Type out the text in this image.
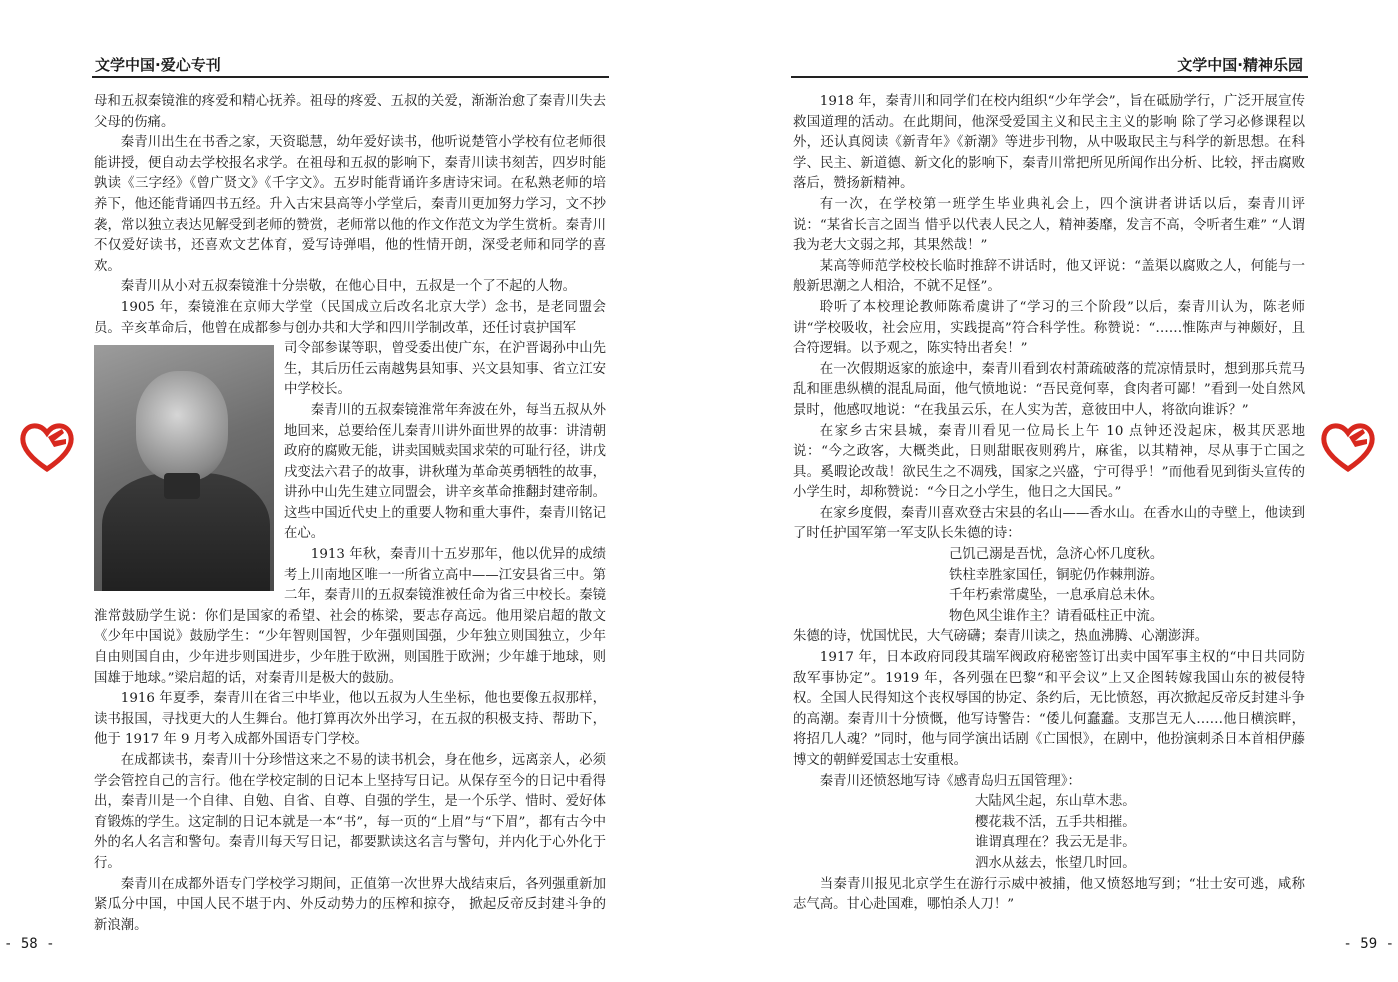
文学中国·爱心专刊

母和五叔秦镜淮的疼爱和精心抚养。祖母的疼爱、五叔的关爱，渐渐治愈了秦青川失去父母的伤痛。

秦青川出生在书香之家，天资聪慧，幼年爱好读书，他听说楚管小学校有位老师很能讲授，便自动去学校报名求学。在祖母和五叔的影响下，秦青川读书刻苦，四岁时能孰读《三字经》《曾广贤文》《千字文》。五岁时能背诵许多唐诗宋词。在私熟老师的培养下，他还能背诵四书五经。升入古宋县高等小学堂后，秦青川更加努力学习，文不抄袭，常以独立表达见解受到老师的赞赏，老师常以他的作文作范文为学生赏析。秦青川不仅爱好读书，还喜欢文艺体育，爱写诗弹唱，他的性情开朗，深受老师和同学的喜欢。

秦青川从小对五叔秦镜淮十分崇敬，在他心目中，五叔是一个了不起的人物。

1905 年，秦镜淮在京师大学堂（民国成立后改名北京大学）念书，是老同盟会员。辛亥革命后，他曾在成都参与创办共和大学和四川学制改革，还任讨袁护国军

司令部参谋等职，曾受委出使广东，在沪晋谒孙中山先生，其后历任云南越隽县知事、兴文县知事、省立江安中学校长。

秦青川的五叔秦镜淮常年奔波在外，每当五叔从外地回来，总要给侄儿秦青川讲外面世界的故事：讲清朝政府的腐败无能，讲卖国贼卖国求荣的可耻行径，讲戊戌变法六君子的故事，讲秋瑾为革命英勇牺牲的故事，讲孙中山先生建立同盟会，讲辛亥革命推翻封建帝制。这些中国近代史上的重要人物和重大事件，秦青川铭记在心。

1913 年秋，秦青川十五岁那年，他以优异的成绩考上川南地区唯一一所省立高中——江安县省三中。第二年，秦青川的五叔秦镜淮被任命为省三中校长。秦镜淮常鼓励学生说：你们是国家的希望、社会的栋梁，要志存高远。他用梁启超的散文《少年中国说》鼓励学生：“少年智则国智，少年强则国强，少年独立则国独立，少年自由则国自由，少年进步则国进步，少年胜于欧洲，则国胜于欧洲；少年雄于地球，则国雄于地球。”梁启超的话，对秦青川是极大的鼓励。

1916 年夏季，秦青川在省三中毕业，他以五叔为人生坐标，他也要像五叔那样，读书报国，寻找更大的人生舞台。他打算再次外出学习，在五叔的积极支持、帮助下，他于 1917 年 9 月考入成都外国语专门学校。

在成都读书，秦青川十分珍惜这来之不易的读书机会，身在他乡，远离亲人，必须学会管控自己的言行。他在学校定制的日记本上坚持写日记。从保存至今的日记中看得出，秦青川是一个自律、自勉、自省、自尊、自强的学生，是一个乐学、惜时、爱好体育锻炼的学生。这定制的日记本就是一本“书”，每一页的“上眉”与“下眉”，都有古今中外的名人名言和警句。秦青川每天写日记，都要默读这名言与警句，并内化于心外化于行。

秦青川在成都外语专门学校学习期间，正值第一次世界大战结束后，各列强重新加紧瓜分中国，中国人民不堪于内、外反动势力的压榨和掠夺， 掀起反帝反封建斗争的新浪潮。

- 58 -
文学中国·精神乐园

1918 年，秦青川和同学们在校内组织“少年学会”，旨在砥励学行，广泛开展宣传救国道理的活动。在此期间，他深受爱国主义和民主主义的影响 除了学习必修课程以外，还认真阅读《新青年》《新潮》等进步刊物，从中吸取民主与科学的新思想。在科学、民主、新道德、新文化的影响下，秦青川常把所见所闻作出分析、比较，抨击腐败落后，赞扬新精神。

有一次，在学校第一班学生毕业典礼会上，四个演讲者讲话以后，秦青川评说：“某省长言之固当 惜乎以代表人民之人，精神萎靡，发言不高，令听者生难” “人谓我为老大文弱之邦，其果然哉！”

某高等师范学校校长临时推辞不讲话时，他又评说：“盖渠以腐败之人，何能与一般新思潮之人相洽，不就不足怪”。

聆听了本校理论教师陈希虞讲了“学习的三个阶段”以后，秦青川认为，陈老师讲“学校吸收，社会应用，实践提高”符合科学性。称赞说：“……惟陈声与神颇好，且合符逻辑。以予观之，陈实特出者矣！”

在一次假期返家的旅途中，秦青川看到农村萧疏破落的荒凉情景时，想到那兵荒马乱和匪患纵横的混乱局面，他气愤地说：“吾民竟何辜，食肉者可鄙！”看到一处自然风景时，他感叹地说：“在我虽云乐，在人实为苦，意彼田中人，将欲向谁诉？”

在家乡古宋县城，秦青川看见一位局长上午 10 点钟还没起床，极其厌恶地说：“今之政客，大概类此，日则甜眠夜则鸦片，麻雀，以其精神，尽从事于亡国之具。奚暇论改哉！欲民生之不凋残，国家之兴盛，宁可得乎！”而他看见到街头宣传的小学生时，却称赞说：“今日之小学生，他日之大国民。”

在家乡度假，秦青川喜欢登古宋县的名山——香水山。在香水山的寺壁上，他读到了时任护国军第一军支队长朱德的诗：

己饥己溺是吾忧，急济心怀几度秋。
铁柱幸胜家国任，铜驼仍作棘荆游。
千年朽索常虞坠，一息承肩总未休。
物色风尘谁作主？请看砥柱正中流。

朱德的诗，忧国忧民，大气磅礴；秦青川读之，热血沸腾、心潮澎湃。

1917 年，日本政府同段其瑞军阀政府秘密签订出卖中国军事主权的“中日共同防敌军事协定”。1919 年，各列强在巴黎“和平会议”上又企图转嫁我国山东的被侵特权。全国人民得知这个丧权辱国的协定、条约后，无比愤怒，再次掀起反帝反封建斗争的高潮。秦青川十分愤慨，他写诗警告：“倭儿何蠢蠢。支那岂无人……他日横滨畔，将招几人魂？”同时，他与同学演出话剧《亡国恨》，在剧中，他扮演刺杀日本首相伊藤博文的朝鲜爱国志士安重根。

秦青川还愤怒地写诗《感青岛归五国管理》：

大陆风尘起，东山草木悲。
樱花栽不活，五手共相摧。
谁谓真理在？我云无是非。
泗水从兹去，怅望几时回。

当秦青川报见北京学生在游行示威中被捕，他又愤怒地写到；“壮士安可逃，咸称志气高。甘心赴国难，哪怕杀人刀！”

- 59 -
